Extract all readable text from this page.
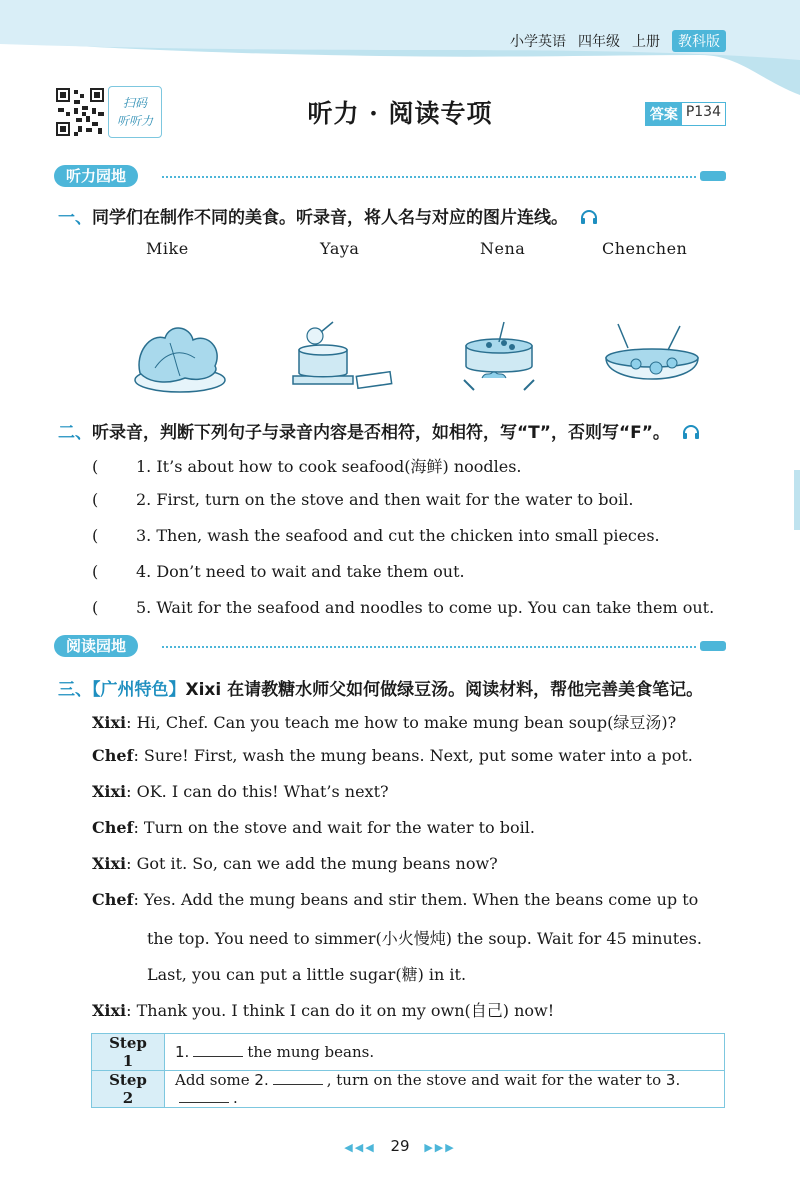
小学英语 四年级 上册	教科版
扫码
听听力	听力 · 阅读专项	答案 P134
听力园地
一、同学们在制作不同的美食。听录音，将人名与对应的图片连线。
Mike	Yaya	Nena	Chenchen
二、听录音，判断下列句子与录音内容是否相符，如相符，写“T”，否则写“F”。
( 1. It’s about how to cook seafood(海鲜) noodles.
( 2. First, turn on the stove and then wait for the water to boil.
( 3. Then, wash the seafood and cut the chicken into small pieces.
( 4. Don’t need to wait and take them out.
( 5. Wait for the seafood and noodles to come up. You can take them out.
阅读园地
三、【广州特色】Xixi 在请教糖水师父如何做绿豆汤。阅读材料，帮他完善美食笔记。
Xixi: Hi, Chef. Can you teach me how to make mung bean soup(绿豆汤)?
Chef: Sure! First, wash the mung beans. Next, put some water into a pot.
Xixi: OK. I can do this! What’s next?
Chef: Turn on the stove and wait for the water to boil.
Xixi: Got it. So, can we add the mung beans now?
Chef: Yes. Add the mung beans and stir them. When the beans come up to
the top. You need to simmer(小火慢炖) the soup. Wait for 45 minutes.
Last, you can put a little sugar(糖) in it.
Xixi: Thank you. I think I can do it on my own(自己) now!
Step 1	1. the mung beans.
Step 2	Add some 2. , turn on the stove and wait for the water to 3..
◀◀◀ 29 ▶▶▶
